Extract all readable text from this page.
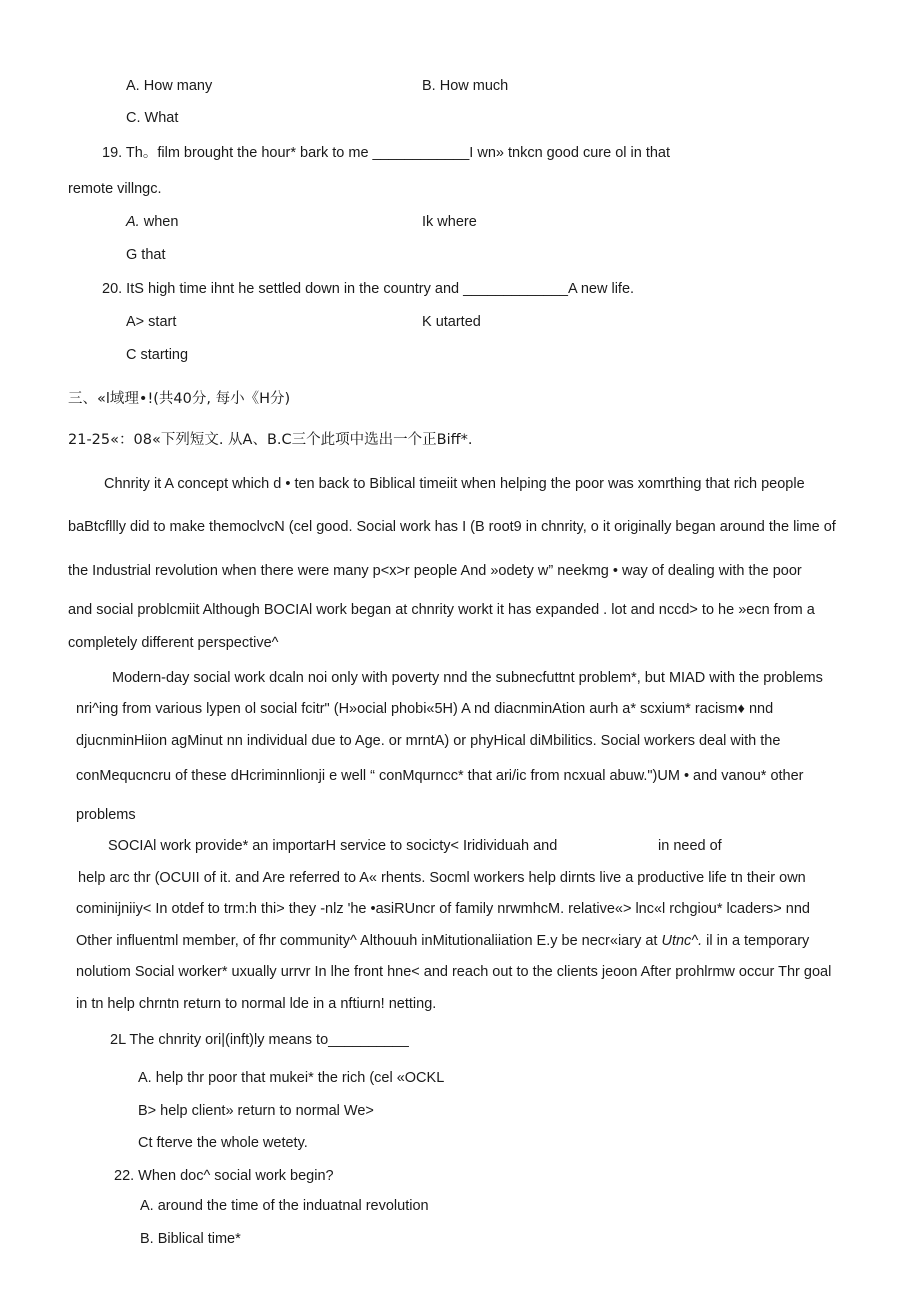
A. How many	B. How much
C. What
19. Th。film brought the hour* bark to me ____________I wn» tnkcn good cure ol in that
remote villngc.
A. when	Ik where
G that
20. ItS high time ihnt he settled down in the country and _____________A new life.
A> start	K utarted
C starting
三、«l域理•!(共40分, 每小《H分)
21-25«：08«下列短文. 从A、B.C三个此项中选出一个正Biff*.
Chnrity it A concept which d • ten back to Biblical timeiit when helping the poor was xomrthing that rich people
baBtcfllly did to make themoclvcN (cel good. Social work has I (B root9 in chnrity, o it originally began around the lime of
the Industrial revolution when there were many p<x>r people And »odety w” neekmg • way of dealing with the poor
and social problcmiit Although BOCIAl work began at chnrity workt it has expanded . lot and nccd> to he »ecn from a
completely different perspective^
Modern-day social work dcaln noi only with poverty nnd the subnecfuttnt problem*, but MIAD with the problems
nri^ing from various lypen ol social fcitr" (H»ocial phobi«5H) A nd diacnminAtion aurh a* scxium* racism♦ nnd
djucnminHiion agMinut nn individual due to Age. or mrntA) or phyHical diMbilitics. Social workers deal with the
conMequcncru of these dHcriminnlionji e well “ conMqurncc* that ari/ic from ncxual abuw.")UM • and vanou* other
problems
SOCIAl work provide* an importarH service to socicty< Iridividuah and	in need of
help arc thr (OCUII of it. and Are referred to A« rhents. Socml workers help dirnts live a productive life tn their own
cominijniiy< In otdef to trm:h thi> they -nlz 'he •asiRUncr of family nrwmhcM. relative«> lnc«l rchgiou* lcaders> nnd
Other influentml member, of fhr community^ Althouuh inMitutionaliiation E.y be necr«iary at Utnc^. il in a temporary
nolutiom Social worker* uxually urrvr In lhe front hne< and reach out to the clients jeoon After prohlrmw occur Thr goal
in tn help chrntn return to normal lde in a nftiurn! netting.
2L The chnrity ori|(inft)ly means to__________
A. help thr poor that mukei* the rich (cel «OCKL
B> help client» return to normal We>
Ct fterve the whole wetety.
22. When doc^ social work begin?
A. around the time of the induatnal revolution
B. Biblical time*
